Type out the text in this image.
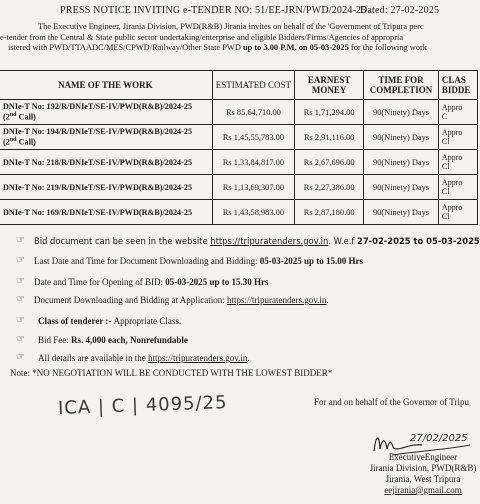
PRESS NOTICE INVITING e-TENDER NO: 51/EE-JRN/PWD/2024-25
Dated: 27-02-2025
The Executive Engineer, Jirania Division, PWD(R&B) Jirania invites on behalf of the 'Government of Tripura perc
e-tender from the Central & State public sector undertaking/enterprise and eligible Bidders/Firms/Agencies of appropria
istered with PWD/TTAADC/MES/CPWD/Railway/Other State PWD up to 3.00 P.M. on 05-03-2025 for the following work
NAME OF THE WORK	ESTIMATED COST	EARNEST MONEY	TIME FOR COMPLETION	CLAS BIDDE
DNIe-T No: 192/R/DNIeT/SE-IV/PWD(R&B)/2024-25
(2nd Call)	Rs 85,64,710.00	Rs 1,71,294.00	90(Ninety) Days	Appro
C
DNIe-T No: 194/R/DNIeT/SE-IV/PWD(R&B)/2024-25
(2nd Call)	Rs 1,45,55,783.00	Rs 2,91,116.00	90(Ninety) Days	Appro
Cl
DNIe-T No: 218/R/DNIeT/SE-IV/PWD(R&B)/2024-25	Rs 1,33,84,817.00	Rs 2,67,696.00	90(Ninety) Days	Appro
Cl
DNIe-T No: 219/R/DNIeT/SE-IV/PWD(R&B)/2024-25	Rs 1,13,69,307.00	Rs 2,27,386.00	90(Ninety) Days	Appro
Cl
DNIe-T No: 169/R/DNIeT/SE-IV/PWD(R&B)/2024-25	Rs 1,43,58,983.00	Rs 2,87,180.00	90(Ninety) Days	Appro
Cl
☞ Bid document can be seen in the website https://tripuratenders.gov.in. W.e.f 27-02-2025 to 05-03-2025
☞ Last Date and Time for Document Downloading and Bidding: 05-03-2025 up to 15.00 Hrs
☞ Date and Time for Opening of BID: 05-03-2025 up to 15.30 Hrs
☞ Document Downloading and Bidding at Application: https://tripuratenders.gov.in.
☞ Class of tenderer :- Appropriate Class.
☞ Bid Fee: Rs. 4,000 each, Nonrefundable
☞ All details are available in the https://tripuratenders.gov.in.
Note: *NO NEGOTIATION WILL BE CONDUCTED WITH THE LOWEST BIDDER*
ICA | C | 4095/25	For and on behalf of the Governor of Tripu
27/02/2025
ExecutiveEngineer
Jirania Division, PWD(R&B)
Jirania, West Tripura
eejirania@gmail.com
